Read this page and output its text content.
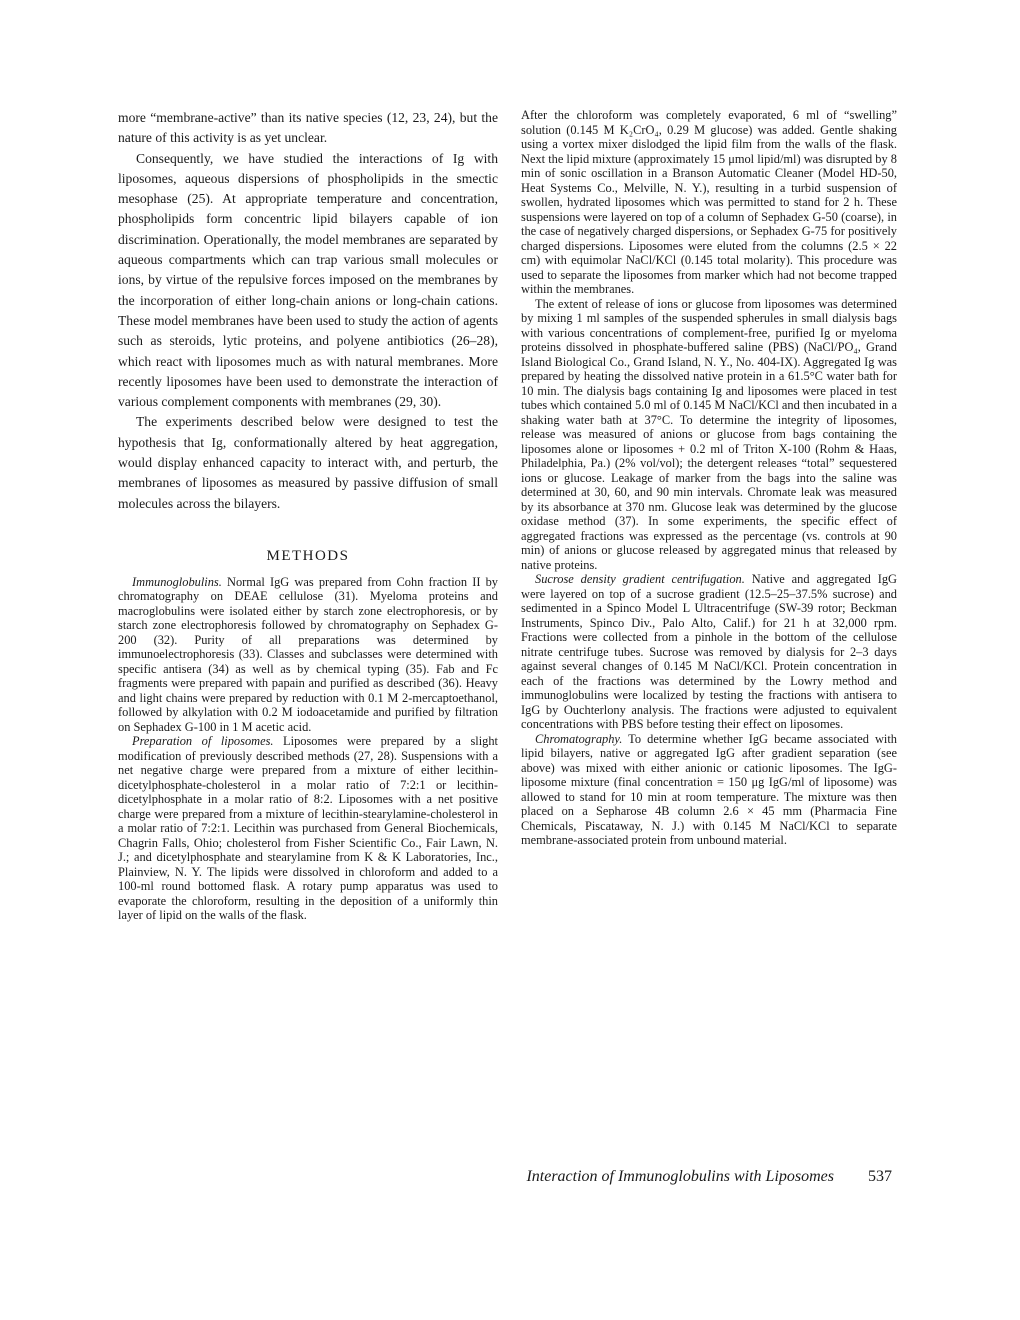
more “membrane-active” than its native species (12, 23, 24), but the nature of this activity is as yet unclear.

Consequently, we have studied the interactions of Ig with liposomes, aqueous dispersions of phospholipids in the smectic mesophase (25). At appropriate temperature and concentration, phospholipids form concentric lipid bilayers capable of ion discrimination. Operationally, the model membranes are separated by aqueous compartments which can trap various small molecules or ions, by virtue of the repulsive forces imposed on the membranes by the incorporation of either long-chain anions or long-chain cations. These model membranes have been used to study the action of agents such as steroids, lytic proteins, and polyene antibiotics (26–28), which react with liposomes much as with natural membranes. More recently liposomes have been used to demonstrate the interaction of various complement components with membranes (29, 30).

The experiments described below were designed to test the hypothesis that Ig, conformationally altered by heat aggregation, would display enhanced capacity to interact with, and perturb, the membranes of liposomes as measured by passive diffusion of small molecules across the bilayers.

METHODS

Immunoglobulins. Normal IgG was prepared from Cohn fraction II by chromatography on DEAE cellulose (31). Myeloma proteins and macroglobulins were isolated either by starch zone electrophoresis, or by starch zone electrophoresis followed by chromatography on Sephadex G-200 (32). Purity of all preparations was determined by immunoelectrophoresis (33). Classes and subclasses were determined with specific antisera (34) as well as by chemical typing (35). Fab and Fc fragments were prepared with papain and purified as described (36). Heavy and light chains were prepared by reduction with 0.1 M 2-mercaptoethanol, followed by alkylation with 0.2 M iodoacetamide and purified by filtration on Sephadex G-100 in 1 M acetic acid.

Preparation of liposomes. Liposomes were prepared by a slight modification of previously described methods (27, 28). Suspensions with a net negative charge were prepared from a mixture of either lecithin-dicetylphosphate-cholesterol in a molar ratio of 7:2:1 or lecithin-dicetylphosphate in a molar ratio of 8:2. Liposomes with a net positive charge were prepared from a mixture of lecithin-stearylamine-cholesterol in a molar ratio of 7:2:1. Lecithin was purchased from General Biochemicals, Chagrin Falls, Ohio; cholesterol from Fisher Scientific Co., Fair Lawn, N. J.; and dicetylphosphate and stearylamine from K & K Laboratories, Inc., Plainview, N. Y. The lipids were dissolved in chloroform and added to a 100-ml round bottomed flask. A rotary pump apparatus was used to evaporate the chloroform, resulting in the deposition of a uniformly thin layer of lipid on the walls of the flask.

After the chloroform was completely evaporated, 6 ml of “swelling” solution (0.145 M K₂CrO₄, 0.29 M glucose) was added. Gentle shaking using a vortex mixer dislodged the lipid film from the walls of the flask. Next the lipid mixture (approximately 15 μmol lipid/ml) was disrupted by 8 min of sonic oscillation in a Branson Automatic Cleaner (Model HD-50, Heat Systems Co., Melville, N. Y.), resulting in a turbid suspension of swollen, hydrated liposomes which was permitted to stand for 2 h. These suspensions were layered on top of a column of Sephadex G-50 (coarse), in the case of negatively charged dispersions, or Sephadex G-75 for positively charged dispersions. Liposomes were eluted from the columns (2.5 × 22 cm) with equimolar NaCl/KCl (0.145 total molarity). This procedure was used to separate the liposomes from marker which had not become trapped within the membranes.

The extent of release of ions or glucose from liposomes was determined by mixing 1 ml samples of the suspended spherules in small dialysis bags with various concentrations of complement-free, purified Ig or myeloma proteins dissolved in phosphate-buffered saline (PBS) (NaCl/PO₄, Grand Island Biological Co., Grand Island, N. Y., No. 404-IX). Aggregated Ig was prepared by heating the dissolved native protein in a 61.5°C water bath for 10 min. The dialysis bags containing Ig and liposomes were placed in test tubes which contained 5.0 ml of 0.145 M NaCl/KCl and then incubated in a shaking water bath at 37°C. To determine the integrity of liposomes, release was measured of anions or glucose from bags containing the liposomes alone or liposomes + 0.2 ml of Triton X-100 (Rohm & Haas, Philadelphia, Pa.) (2% vol/vol); the detergent releases “total” sequestered ions or glucose. Leakage of marker from the bags into the saline was determined at 30, 60, and 90 min intervals. Chromate leak was measured by its absorbance at 370 nm. Glucose leak was determined by the glucose oxidase method (37). In some experiments, the specific effect of aggregated fractions was expressed as the percentage (vs. controls at 90 min) of anions or glucose released by aggregated minus that released by native proteins.

Sucrose density gradient centrifugation. Native and aggregated IgG were layered on top of a sucrose gradient (12.5–25–37.5% sucrose) and sedimented in a Spinco Model L Ultracentrifuge (SW-39 rotor; Beckman Instruments, Spinco Div., Palo Alto, Calif.) for 21 h at 32,000 rpm. Fractions were collected from a pinhole in the bottom of the cellulose nitrate centrifuge tubes. Sucrose was removed by dialysis for 2–3 days against several changes of 0.145 M NaCl/KCl. Protein concentration in each of the fractions was determined by the Lowry method and immunoglobulins were localized by testing the fractions with antisera to IgG by Ouchterlony analysis. The fractions were adjusted to equivalent concentrations with PBS before testing their effect on liposomes.

Chromatography. To determine whether IgG became associated with lipid bilayers, native or aggregated IgG after gradient separation (see above) was mixed with either anionic or cationic liposomes. The IgG-liposome mixture (final concentration = 150 μg IgG/ml of liposome) was allowed to stand for 10 min at room temperature. The mixture was then placed on a Sepharose 4B column 2.6 × 45 mm (Pharmacia Fine Chemicals, Piscataway, N. J.) with 0.145 M NaCl/KCl to separate membrane-associated protein from unbound material.

Interaction of Immunoglobulins with Liposomes 537
